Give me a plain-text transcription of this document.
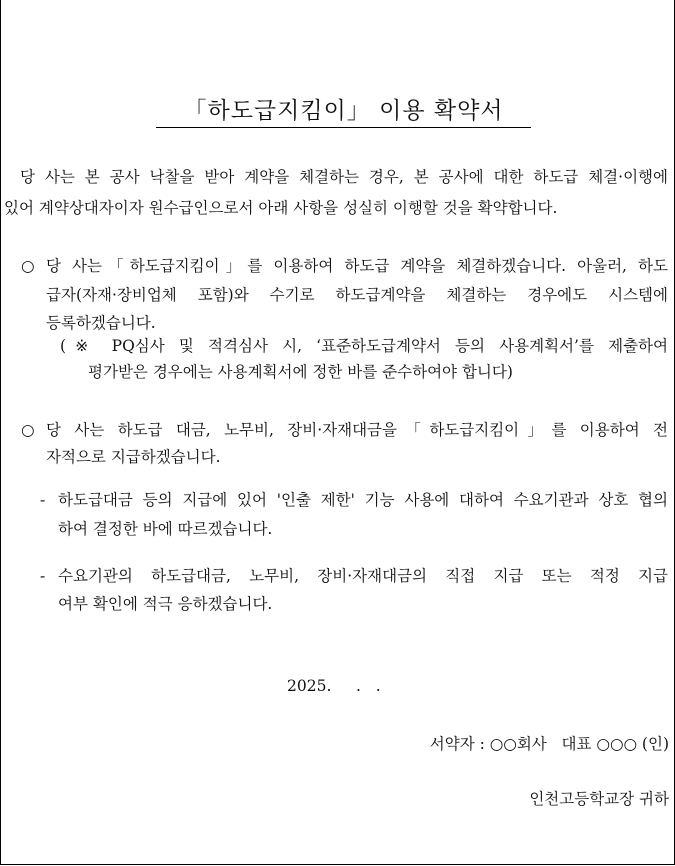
「하도급지킴이」 이용 확약서
당 사는 본 공사 낙찰을 받아 계약을 체결하는 경우, 본 공사에 대한 하도급 체결·이행에
있어 계약상대자이자 원수급인으로서 아래 사항을 성실히 이행할 것을 확약합니다.
○ 당 사는「하도급지킴이」를 이용하여 하도급 계약을 체결하겠습니다. 아울러, 하도
급자(자재·장비업체 포함)와 수기로 하도급계약을 체결하는 경우에도 시스템에
등록하겠습니다.
(※ PQ심사 및 적격심사 시, ‘표준하도급계약서 등의 사용계획서’를 제출하여
평가받은 경우에는 사용계획서에 정한 바를 준수하여야 합니다)
○ 당 사는 하도급 대금, 노무비, 장비·자재대금을「하도급지킴이」를 이용하여 전
자적으로 지급하겠습니다.
- 하도급대금 등의 지급에 있어 '인출 제한' 기능 사용에 대하여 수요기관과 상호 협의
하여 결정한 바에 따르겠습니다.
- 수요기관의 하도급대금, 노무비, 장비·자재대금의 직접 지급 또는 적정 지급
여부 확인에 적극 응하겠습니다.
2025.     .   .
서약자 : ○○회사   대표 ○○○ (인)
인천고등학교장 귀하
